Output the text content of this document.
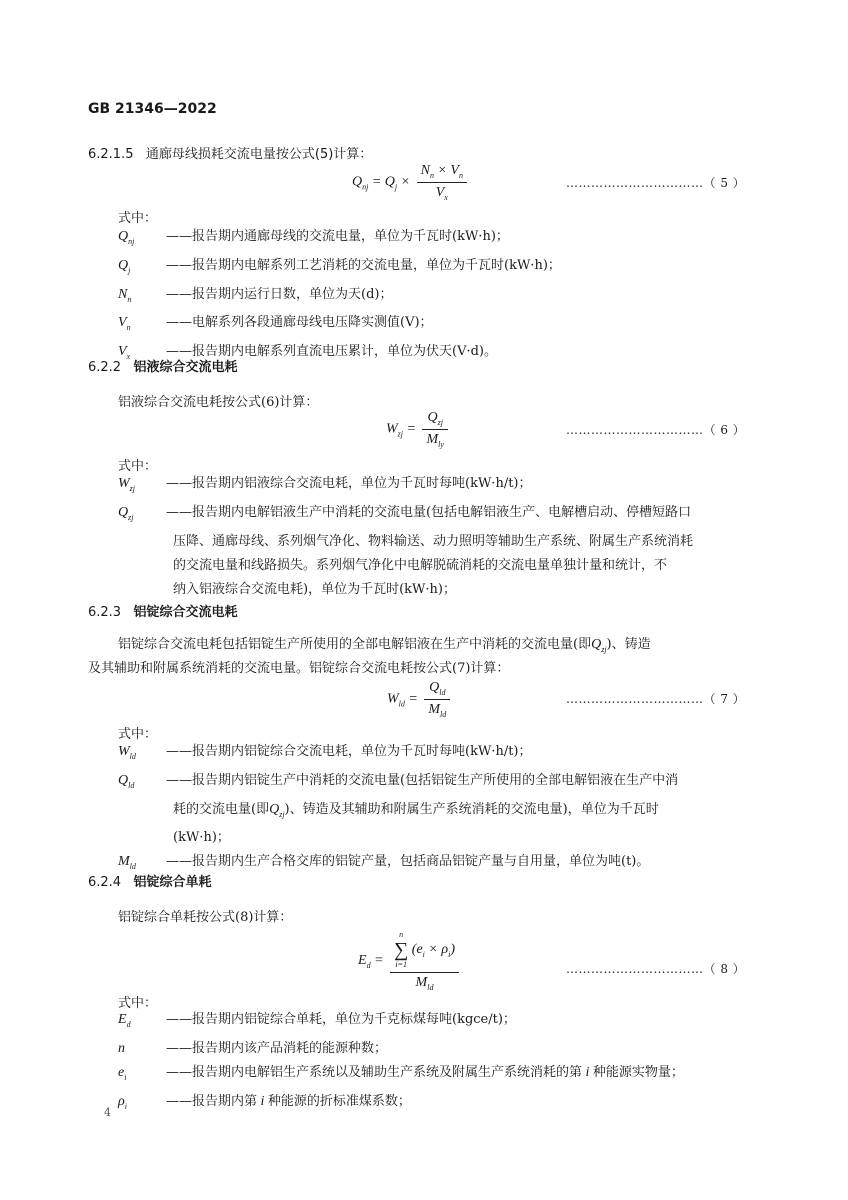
GB 21346—2022
6.2.1.5 通廊母线损耗交流电量按公式(5)计算：
$Q_{nj} = Q_j \times \frac{N_n \times V_n}{V_x}$	……………………………（ 5 ）
式中：
$Q_{nj}$ ——报告期内通廊母线的交流电量，单位为千瓦时(kW·h)；
$Q_j$	——报告期内电解系列工艺消耗的交流电量，单位为千瓦时(kW·h)；
$N_n$	——报告期内运行日数，单位为天(d)；
$V_n$	——电解系列各段通廊母线电压降实测值(V)；
$V_x$	——报告期内电解系列直流电压累计，单位为伏天(V·d)。
6.2.2 铝液综合交流电耗
铝液综合交流电耗按公式(6)计算：
$W_{zj} = \frac{Q_{zj}}{M_{ly}}$	……………………………（ 6 ）
式中：
$W_{zj}$ ——报告期内铝液综合交流电耗，单位为千瓦时每吨(kW·h/t)；
$Q_{zj}$	——报告期内电解铝液生产中消耗的交流电量(包括电解铝液生产、电解槽启动、停槽短路口
压降、通廊母线、系列烟气净化、物料输送、动力照明等辅助生产系统、附属生产系统消耗
的交流电量和线路损失。系列烟气净化中电解脱硫消耗的交流电量单独计量和统计，不
纳入铝液综合交流电耗)，单位为千瓦时(kW·h)；
6.2.3 铝锭综合交流电耗
铝锭综合交流电耗包括铝锭生产所使用的全部电解铝液在生产中消耗的交流电量(即$Q_{zj}$)、铸造
及其辅助和附属系统消耗的交流电量。铝锭综合交流电耗按公式(7)计算：
$W_{ld} = \frac{Q_{ld}}{M_{ld}}$	……………………………（ 7 ）
式中：
$W_{ld}$ ——报告期内铝锭综合交流电耗，单位为千瓦时每吨(kW·h/t)；
$Q_{ld}$ ——报告期内铝锭生产中消耗的交流电量(包括铝锭生产所使用的全部电解铝液在生产中消
耗的交流电量(即$Q_{zj}$)、铸造及其辅助和附属生产系统消耗的交流电量)，单位为千瓦时
(kW·h)；
$M_{ld}$ ——报告期内生产合格交库的铝锭产量，包括商品铝锭产量与自用量，单位为吨(t)。
6.2.4 铝锭综合单耗
铝锭综合单耗按公式(8)计算：
$E_d = n$
∑
i=1
$(e_i \times \rho_i)$
$M_{ld}$	……………………………（ 8 ）
式中：
$E_d$	——报告期内铝锭综合单耗，单位为千克标煤每吨(kgce/t)；
n	——报告期内该产品消耗的能源种数；
$e_i$	——报告期内电解铝生产系统以及辅助生产系统及附属生产系统消耗的第 i 种能源实物量；
$\rho_i$	——报告期内第 i 种能源的折标准煤系数；
4
